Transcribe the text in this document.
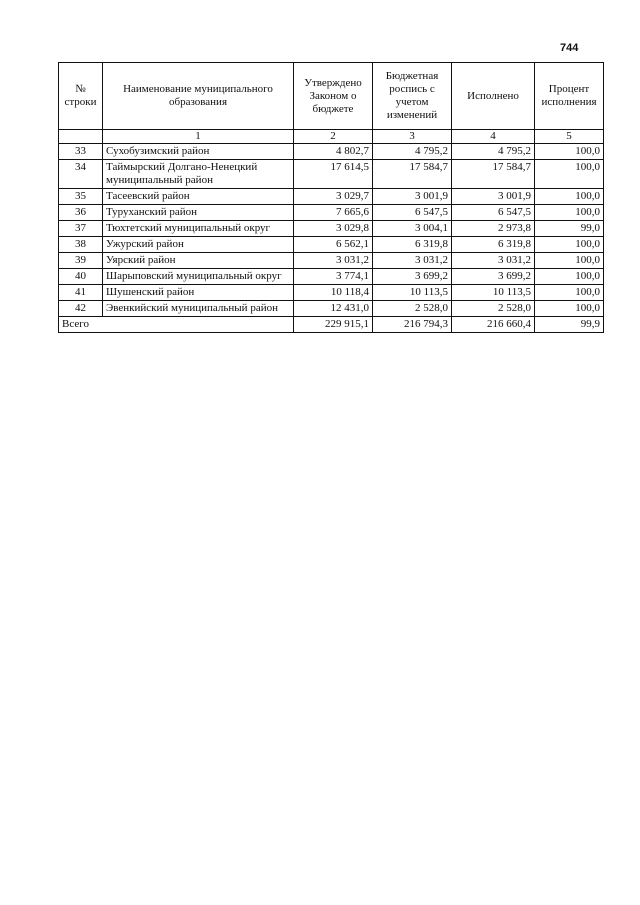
744
№ строки	Наименование муниципального образования	Утверждено Законом о бюджете	Бюджетная роспись с учетом изменений	Исполнено	Процент исполнения
	1	2	3	4	5
33	Сухобузимский район	4 802,7	4 795,2	4 795,2	100,0
34	Таймырский Долгано-Ненецкий муниципальный район	17 614,5	17 584,7	17 584,7	100,0
35	Тасеевский район	3 029,7	3 001,9	3 001,9	100,0
36	Туруханский район	7 665,6	6 547,5	6 547,5	100,0
37	Тюхтетский муниципальный округ	3 029,8	3 004,1	2 973,8	99,0
38	Ужурский район	6 562,1	6 319,8	6 319,8	100,0
39	Уярский район	3 031,2	3 031,2	3 031,2	100,0
40	Шарыповский муниципальный округ	3 774,1	3 699,2	3 699,2	100,0
41	Шушенский район	10 118,4	10 113,5	10 113,5	100,0
42	Эвенкийский муниципальный район	12 431,0	2 528,0	2 528,0	100,0
Всего		229 915,1	216 794,3	216 660,4	99,9
